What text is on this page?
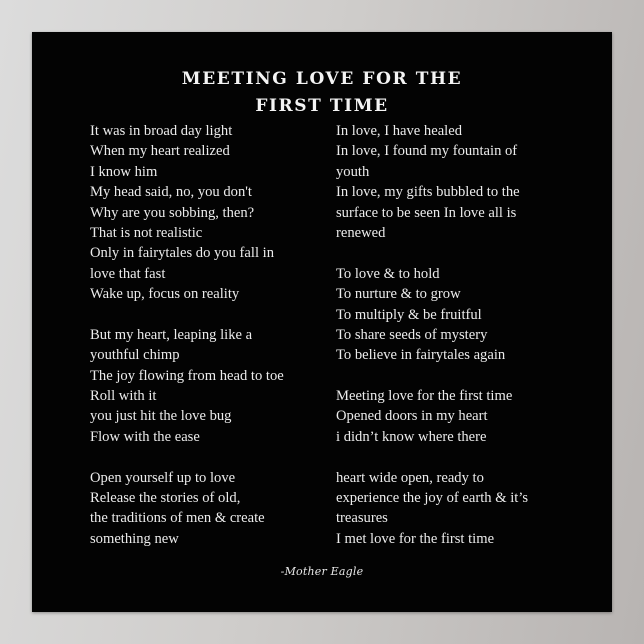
MEETING LOVE FOR THE
FIRST TIME
It was in broad day light
When my heart realized
I know him
My head said, no, you don't
Why are you sobbing, then?
That is not realistic
Only in fairytales do you fall in
love that fast
Wake up, focus on reality
But my heart, leaping like a
youthful chimp
The joy flowing from head to toe
Roll with it
you just hit the love bug
Flow with the ease
Open yourself up to love
Release the stories of old,
the traditions of men & create
something new
In love, I have healed
In love, I found my fountain of
youth
In love, my gifts bubbled to the
surface to be seen In love all is
renewed
To love & to hold
To nurture & to grow
To multiply & be fruitful
To share seeds of mystery
To believe in fairytales again
Meeting love for the first time
Opened doors in my heart
i didn’t know where there
heart wide open, ready to
experience the joy of earth & it’s
treasures
I met love for the first time
-Mother Eagle
